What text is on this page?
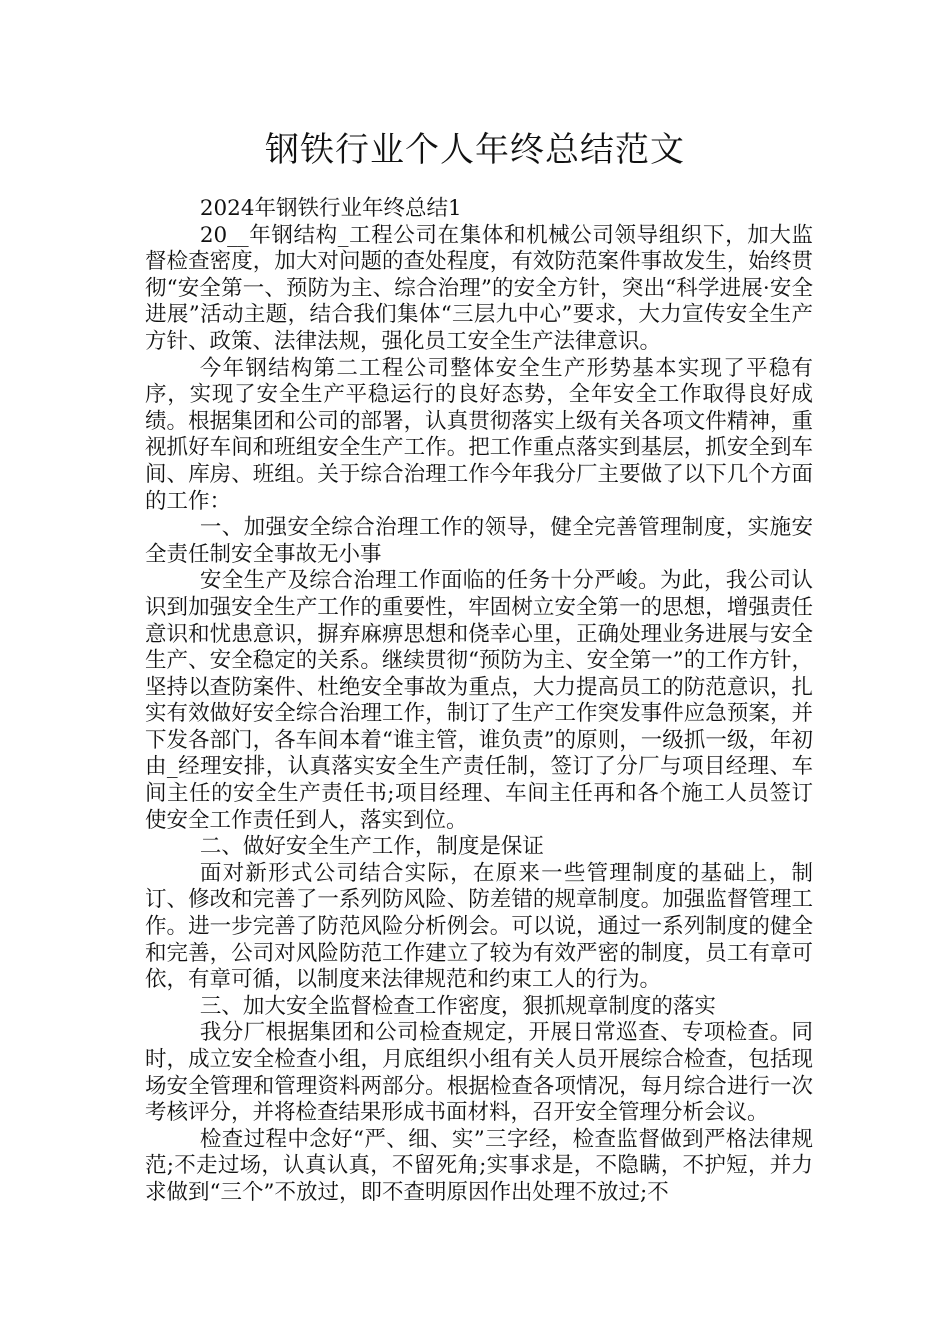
钢铁行业个人年终总结范文

2024年钢铁行业年终总结1

20__年钢结构_工程公司在集体和机械公司领导组织下，加大监督检查密度，加大对问题的查处程度，有效防范案件事故发生，始终贯彻“安全第一、预防为主、综合治理”的安全方针，突出“科学进展·安全进展”活动主题，结合我们集体“三层九中心”要求，大力宣传安全生产方针、政策、法律法规，强化员工安全生产法律意识。

今年钢结构第二工程公司整体安全生产形势基本实现了平稳有序，实现了安全生产平稳运行的良好态势，全年安全工作取得良好成绩。根据集团和公司的部署，认真贯彻落实上级有关各项文件精神，重视抓好车间和班组安全生产工作。把工作重点落实到基层，抓安全到车间、库房、班组。关于综合治理工作今年我分厂主要做了以下几个方面的工作：

一、加强安全综合治理工作的领导，健全完善管理制度，实施安全责任制安全事故无小事

安全生产及综合治理工作面临的任务十分严峻。为此，我公司认识到加强安全生产工作的重要性，牢固树立安全第一的思想，增强责任意识和忧患意识，摒弃麻痹思想和侥幸心里，正确处理业务进展与安全生产、安全稳定的关系。继续贯彻“预防为主、安全第一”的工作方针，坚持以查防案件、杜绝安全事故为重点，大力提高员工的防范意识，扎实有效做好安全综合治理工作，制订了生产工作突发事件应急预案，并下发各部门，各车间本着“谁主管，谁负责”的原则，一级抓一级，年初由_经理安排，认真落实安全生产责任制，签订了分厂与项目经理、车间主任的安全生产责任书;项目经理、车间主任再和各个施工人员签订使安全工作责任到人，落实到位。

二、做好安全生产工作，制度是保证

面对新形式公司结合实际，在原来一些管理制度的基础上，制订、修改和完善了一系列防风险、防差错的规章制度。加强监督管理工作。进一步完善了防范风险分析例会。可以说，通过一系列制度的健全和完善，公司对风险防范工作建立了较为有效严密的制度，员工有章可依，有章可循，以制度来法律规范和约束工人的行为。

三、加大安全监督检查工作密度，狠抓规章制度的落实

我分厂根据集团和公司检查规定，开展日常巡查、专项检查。同时，成立安全检查小组，月底组织小组有关人员开展综合检查，包括现场安全管理和管理资料两部分。根据检查各项情况，每月综合进行一次考核评分，并将检查结果形成书面材料，召开安全管理分析会议。

检查过程中念好“严、细、实”三字经，检查监督做到严格法律规范;不走过场，认真认真，不留死角;实事求是，不隐瞒，不护短，并力求做到“三个”不放过，即不查明原因作出处理不放过;不
